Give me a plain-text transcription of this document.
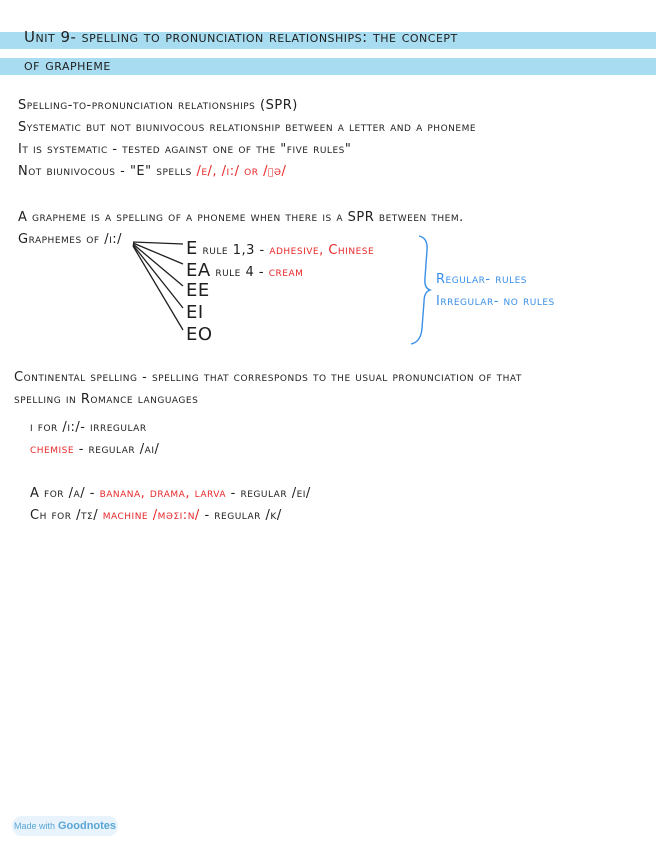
Unit 9- spelling to pronunciation relationships: the concept
of grapheme
Spelling-to-pronunciation relationships (SPR)
Systematic but not biunivocous relationship between a letter and a phoneme
It is systematic - tested against one of the "five rules"
Not biunivocous - "E" spells /e/, /i:/ or /ɪə/
A grapheme is a spelling of a phoneme when there is a SPR between them.
Graphemes of /i:/	E rule 1,3 - adhesive, Chinese
EA rule 4 - cream
EE
EI
EO
Regular- rules
Irregular- no rules
Continental spelling - spelling that corresponds to the usual pronunciation of that
spelling in Romance languages
i for /i:/- irregular
chemise - regular /ai/
A for /a/ - banana, drama, larva - regular /ei/
Ch for /tʃ/ machine /məʃi:n/ - regular /k/
Made with Goodnotes
